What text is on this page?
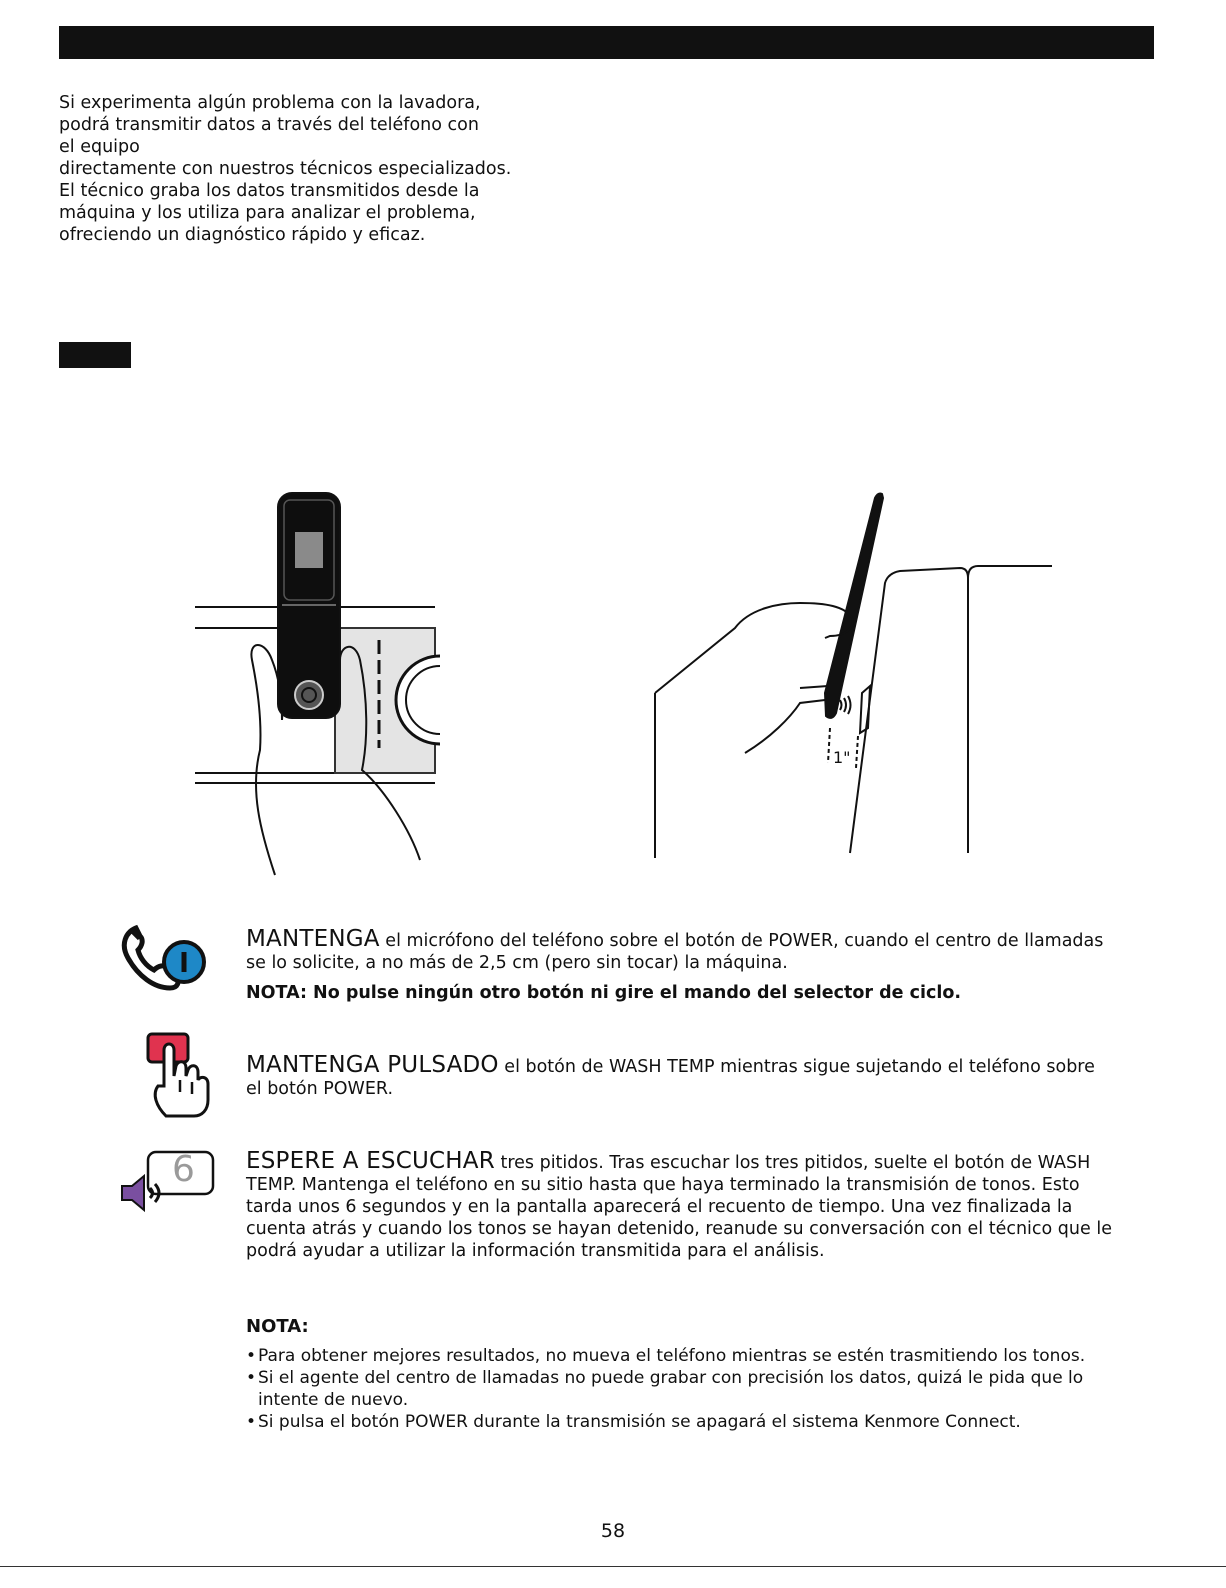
Si experimenta algún problema con la lavadora,

podrá transmitir datos a través del teléfono con

el equipo

directamente con nuestros técnicos especializados.

El técnico graba los datos transmitidos desde la

máquina y los utiliza para analizar el problema,

ofreciendo un diagnóstico rápido y eficaz.

1"

MANTENGA el micrófono del teléfono sobre el botón de POWER, cuando el centro de llamadas se lo solicite, a no más de 2,5 cm (pero sin tocar) la máquina.

NOTA: No pulse ningún otro botón ni gire el mando del selector de ciclo.

MANTENGA PULSADO el botón de WASH TEMP mientras sigue sujetando el teléfono sobre el botón POWER.

6 ESPERE A ESCUCHAR tres pitidos. Tras escuchar los tres pitidos, suelte el botón de WASH TEMP. Mantenga el teléfono en su sitio hasta que haya terminado la transmisión de tonos. Esto tarda unos 6 segundos y en la pantalla aparecerá el recuento de tiempo. Una vez finalizada la cuenta atrás y cuando los tonos se hayan detenido, reanude su conversación con el técnico que le podrá ayudar a utilizar la información transmitida para el análisis.

NOTA:
• Para obtener mejores resultados, no mueva el teléfono mientras se estén trasmitiendo los tonos.
• Si el agente del centro de llamadas no puede grabar con precisión los datos, quizá le pida que lo intente de nuevo.
• Si pulsa el botón POWER durante la transmisión se apagará el sistema Kenmore Connect.
58
